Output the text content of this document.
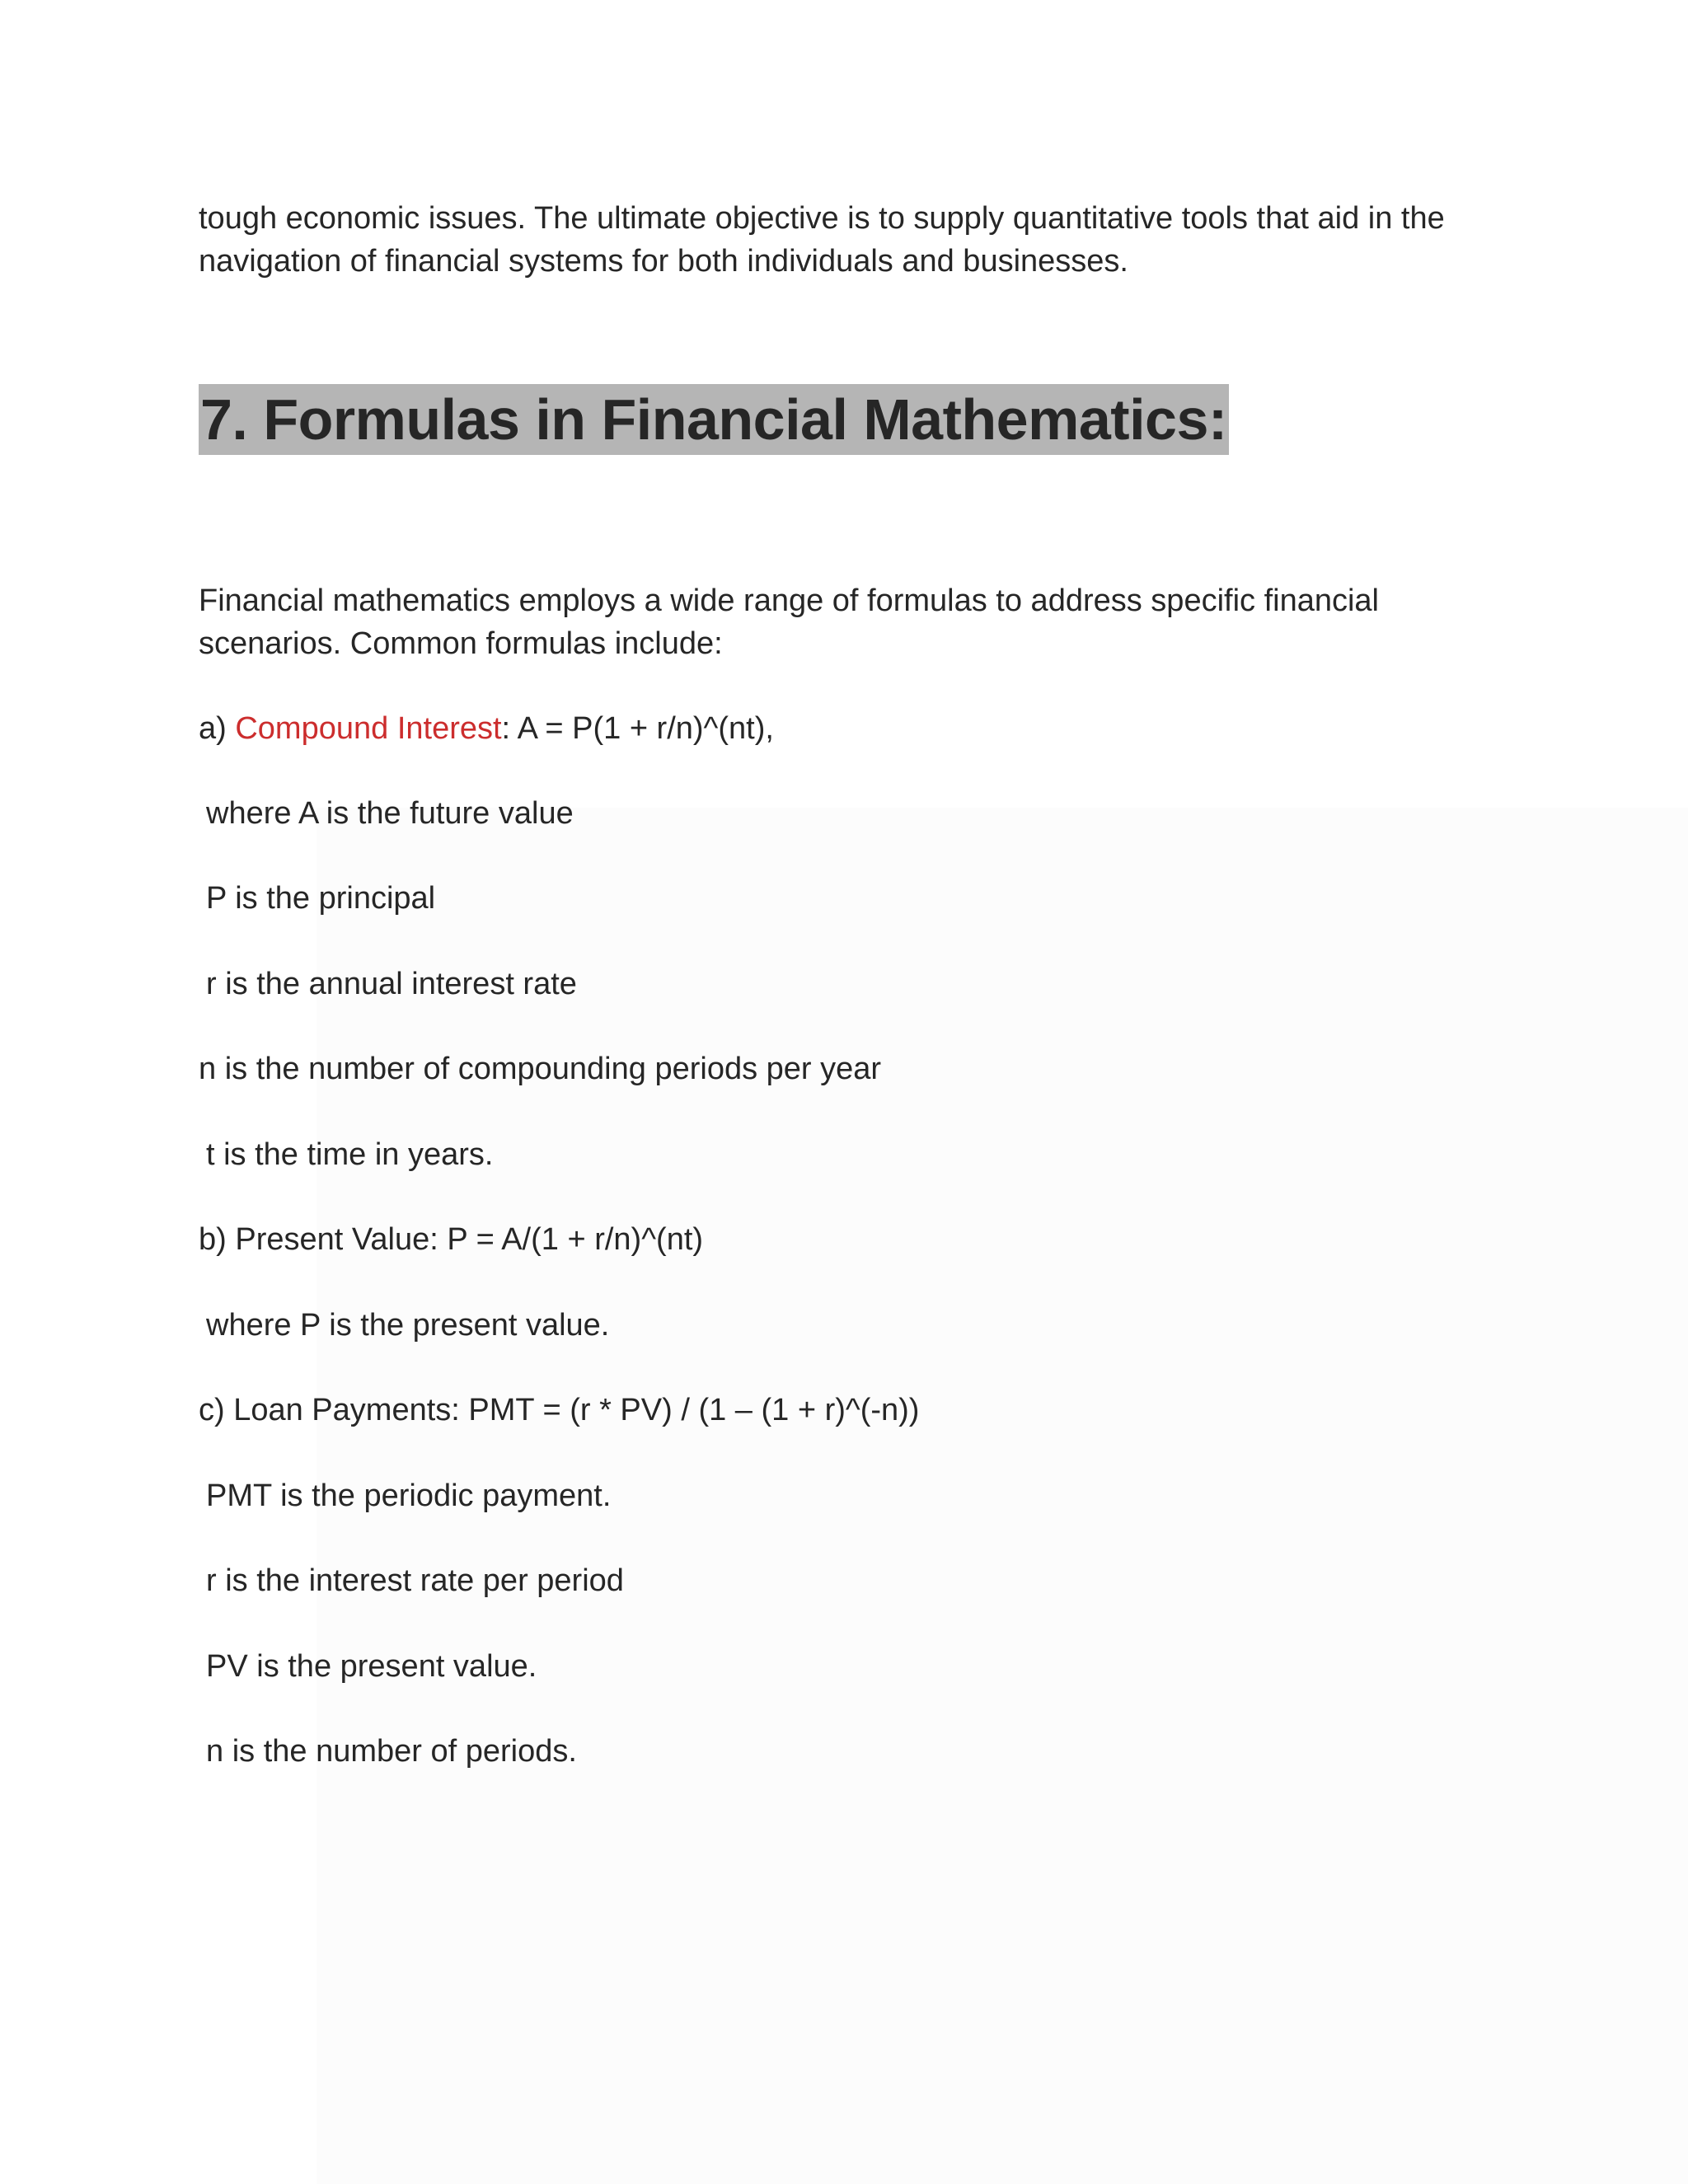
tough economic issues. The ultimate objective is to supply quantitative tools that aid in the
navigation of financial systems for both individuals and businesses.
7. Formulas in Financial Mathematics:
Financial mathematics employs a wide range of formulas to address specific financial
scenarios. Common formulas include:
a) Compound Interest: A = P(1 + r/n)^(nt),
where A is the future value
P is the principal
r is the annual interest rate
n is the number of compounding periods per year
t is the time in years.
b) Present Value: P = A/(1 + r/n)^(nt)
where P is the present value.
c) Loan Payments: PMT = (r * PV) / (1 – (1 + r)^(-n))
PMT is the periodic payment.
r is the interest rate per period
PV is the present value.
n is the number of periods.
